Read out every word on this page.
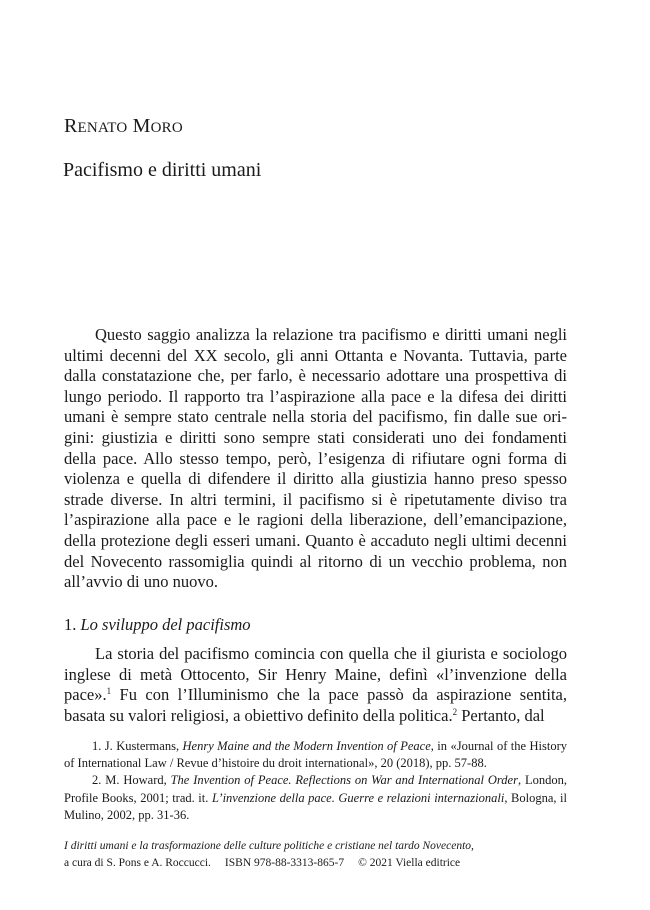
RENATO MORO
Pacifismo e diritti umani

Questo saggio analizza la relazione tra pacifismo e diritti umani negli ultimi decenni del XX secolo, gli anni Ottanta e Novanta. Tuttavia, parte dalla constatazione che, per farlo, è necessario adottare una prospettiva di lungo periodo. Il rapporto tra l’aspirazione alla pace e la difesa dei diritti umani è sempre stato centrale nella storia del pacifismo, fin dalle sue origini: giustizia e diritti sono sempre stati considerati uno dei fondamenti della pace. Allo stesso tempo, però, l’esigenza di rifiutare ogni forma di violenza e quella di difendere il diritto alla giustizia hanno preso spesso strade diverse. In altri termini, il pacifismo si è ripetutamente diviso tra l’aspirazione alla pace e le ragioni della liberazione, dell’emancipazione, della protezione degli esseri umani. Quanto è accaduto negli ultimi decenni del Novecento rassomiglia quindi al ritorno di un vecchio problema, non all’avvio di uno nuovo.

1. Lo sviluppo del pacifismo

La storia del pacifismo comincia con quella che il giurista e sociologo inglese di metà Ottocento, Sir Henry Maine, definì «l’invenzione della pace».$^1$ Fu con l’Illuminismo che la pace passò da aspirazione sentita, basata su valori religiosi, a obiettivo definito della politica.$^2$ Pertanto, dal

1. J. Kustermans, Henry Maine and the Modern Invention of Peace, in «Journal of the History of International Law / Revue d’histoire du droit international», 20 (2018), pp. 57-88.

2. M. Howard, The Invention of Peace. Reflections on War and International Order, London, Profile Books, 2001; trad. it. L’invenzione della pace. Guerre e relazioni internazionali, Bologna, il Mulino, 2002, pp. 31-36.

I diritti umani e la trasformazione delle culture politiche e cristiane nel tardo Novecento,
a cura di S. Pons e A. Roccucci. ISBN 978-88-3313-865-7 © 2021 Viella editrice
